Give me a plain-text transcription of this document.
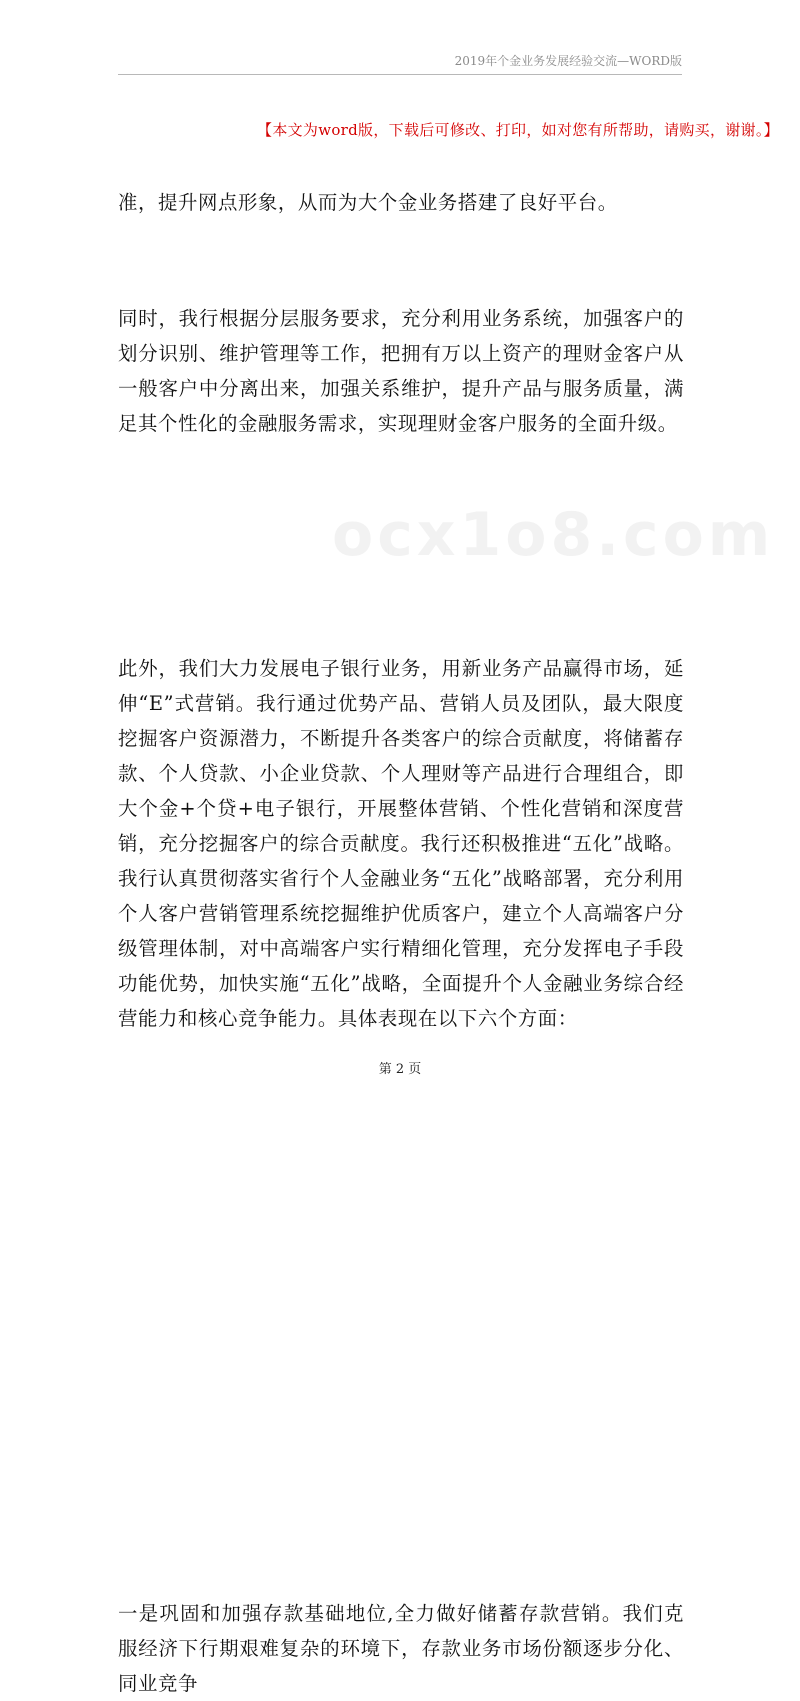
2019年个金业务发展经验交流—WORD版
ocx1o8.com
【本文为word版，下载后可修改、打印，如对您有所帮助，请购买，谢谢。】

准，提升网点形象，从而为大个金业务搭建了良好平台。

同时，我行根据分层服务要求，充分利用业务系统，加强客户的划分识别、维护管理等工作，把拥有万以上资产的理财金客户从一般客户中分离出来，加强关系维护，提升产品与服务质量，满足其个性化的金融服务需求，实现理财金客户服务的全面升级。

此外，我们大力发展电子银行业务，用新业务产品赢得市场，延伸“E”式营销。我行通过优势产品、营销人员及团队，最大限度挖掘客户资源潜力，不断提升各类客户的综合贡献度，将储蓄存款、个人贷款、小企业贷款、个人理财等产品进行合理组合，即大个金+个贷+电子银行，开展整体营销、个性化营销和深度营销，充分挖掘客户的综合贡献度。我行还积极推进“五化”战略。我行认真贯彻落实省行个人金融业务“五化”战略部署，充分利用个人客户营销管理系统挖掘维护优质客户，建立个人高端客户分级管理体制，对中高端客户实行精细化管理，充分发挥电子手段功能优势，加快实施“五化”战略，全面提升个人金融业务综合经营能力和核心竞争能力。具体表现在以下六个方面：

一是巩固和加强存款基础地位,全力做好储蓄存款营销。我们克服经济下行期艰难复杂的环境下，存款业务市场份额逐步分化、同业竞争

第 2 页
